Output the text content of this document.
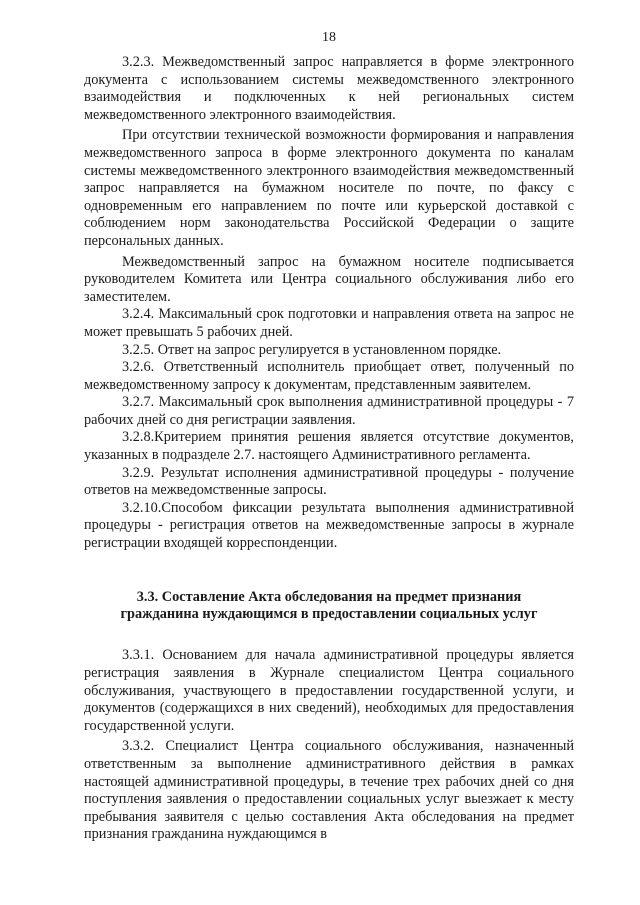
18

3.2.3. Межведомственный запрос направляется в форме электронного документа с использованием системы межведомственного электронного взаимодействия и подключенных к ней региональных систем межведомственного электронного взаимодействия.

При отсутствии технической возможности формирования и направления межведомственного запроса в форме электронного документа по каналам системы межведомственного электронного взаимодействия межведомственный запрос направляется на бумажном носителе по почте, по факсу с одновременным его направлением по почте или курьерской доставкой с соблюдением норм законодательства Российской Федерации о защите персональных данных.

Межведомственный запрос на бумажном носителе подписывается руководителем Комитета или Центра социального обслуживания либо его заместителем.

3.2.4. Максимальный срок подготовки и направления ответа на запрос не может превышать 5 рабочих дней.

3.2.5. Ответ на запрос регулируется в установленном порядке.

3.2.6. Ответственный исполнитель приобщает ответ, полученный по межведомственному запросу к документам, представленным заявителем.

3.2.7. Максимальный срок выполнения административной процедуры - 7 рабочих дней со дня регистрации заявления.

3.2.8.Критерием принятия решения является отсутствие документов, указанных в подразделе 2.7. настоящего Административного регламента.

3.2.9. Результат исполнения административной процедуры - получение ответов на межведомственные запросы.

3.2.10.Способом фиксации результата выполнения административной процедуры - регистрация ответов на межведомственные запросы в журнале регистрации входящей корреспонденции.

3.3. Составление Акта обследования на предмет признания
гражданина нуждающимся в предоставлении социальных услуг

3.3.1. Основанием для начала административной процедуры является регистрация заявления в Журнале специалистом Центра социального обслуживания, участвующего в предоставлении государственной услуги, и документов (содержащихся в них сведений), необходимых для предоставления государственной услуги.

3.3.2. Специалист Центра социального обслуживания, назначенный ответственным за выполнение административного действия в рамках настоящей административной процедуры, в течение трех рабочих дней со дня поступления заявления о предоставлении социальных услуг выезжает к месту пребывания заявителя с целью составления Акта обследования на предмет признания гражданина нуждающимся в
